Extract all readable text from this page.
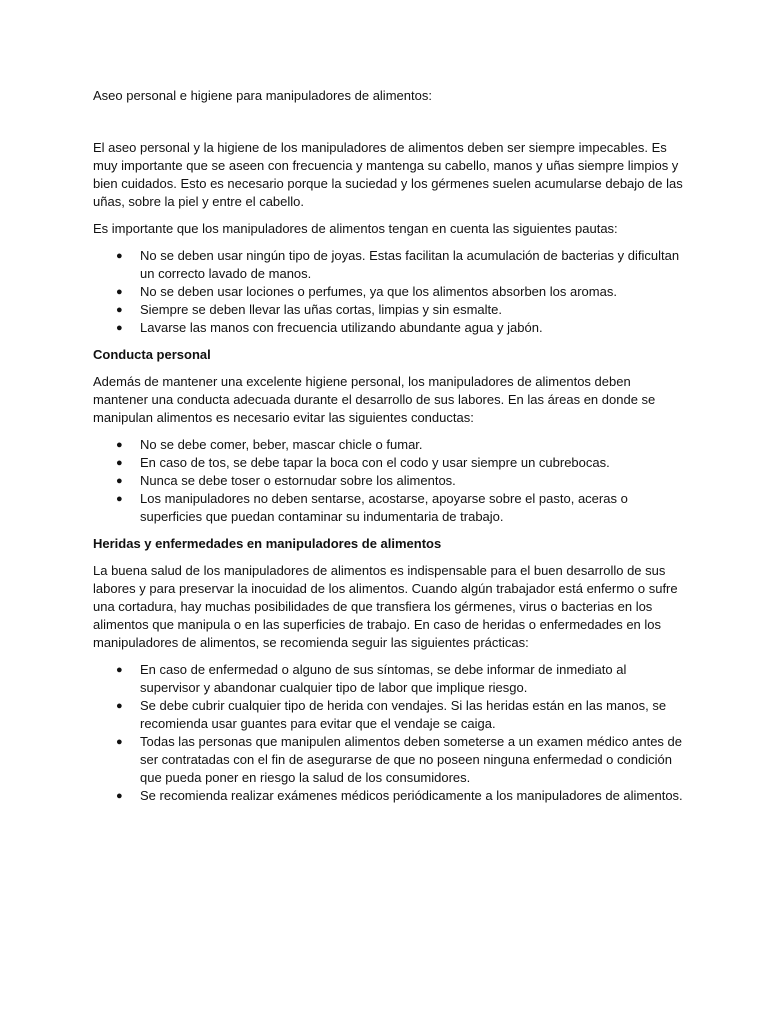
Aseo personal e higiene para manipuladores de alimentos:

El aseo personal y la higiene de los manipuladores de alimentos deben ser siempre impecables. Es muy importante que se aseen con frecuencia y mantenga su cabello, manos y uñas siempre limpios y bien cuidados. Esto es necesario porque la suciedad y los gérmenes suelen acumularse debajo de las uñas, sobre la piel y entre el cabello.

Es importante que los manipuladores de alimentos tengan en cuenta las siguientes pautas:

● No se deben usar ningún tipo de joyas. Estas facilitan la acumulación de bacterias y dificultan un correcto lavado de manos.
● No se deben usar lociones o perfumes, ya que los alimentos absorben los aromas.
● Siempre se deben llevar las uñas cortas, limpias y sin esmalte.
● Lavarse las manos con frecuencia utilizando abundante agua y jabón.
Conducta personal

Además de mantener una excelente higiene personal, los manipuladores de alimentos deben mantener una conducta adecuada durante el desarrollo de sus labores. En las áreas en donde se manipulan alimentos es necesario evitar las siguientes conductas:

● No se debe comer, beber, mascar chicle o fumar.
● En caso de tos, se debe tapar la boca con el codo y usar siempre un cubrebocas.
● Nunca se debe toser o estornudar sobre los alimentos.
● Los manipuladores no deben sentarse, acostarse, apoyarse sobre el pasto, aceras o superficies que puedan contaminar su indumentaria de trabajo.
Heridas y enfermedades en manipuladores de alimentos

La buena salud de los manipuladores de alimentos es indispensable para el buen desarrollo de sus labores y para preservar la inocuidad de los alimentos. Cuando algún trabajador está enfermo o sufre una cortadura, hay muchas posibilidades de que transfiera los gérmenes, virus o bacterias en los alimentos que manipula o en las superficies de trabajo. En caso de heridas o enfermedades en los manipuladores de alimentos, se recomienda seguir las siguientes prácticas:

● En caso de enfermedad o alguno de sus síntomas, se debe informar de inmediato al supervisor y abandonar cualquier tipo de labor que implique riesgo.
● Se debe cubrir cualquier tipo de herida con vendajes. Si las heridas están en las manos, se recomienda usar guantes para evitar que el vendaje se caiga.
● Todas las personas que manipulen alimentos deben someterse a un examen médico antes de ser contratadas con el fin de asegurarse de que no poseen ninguna enfermedad o condición que pueda poner en riesgo la salud de los consumidores.
● Se recomienda realizar exámenes médicos periódicamente a los manipuladores de alimentos.
